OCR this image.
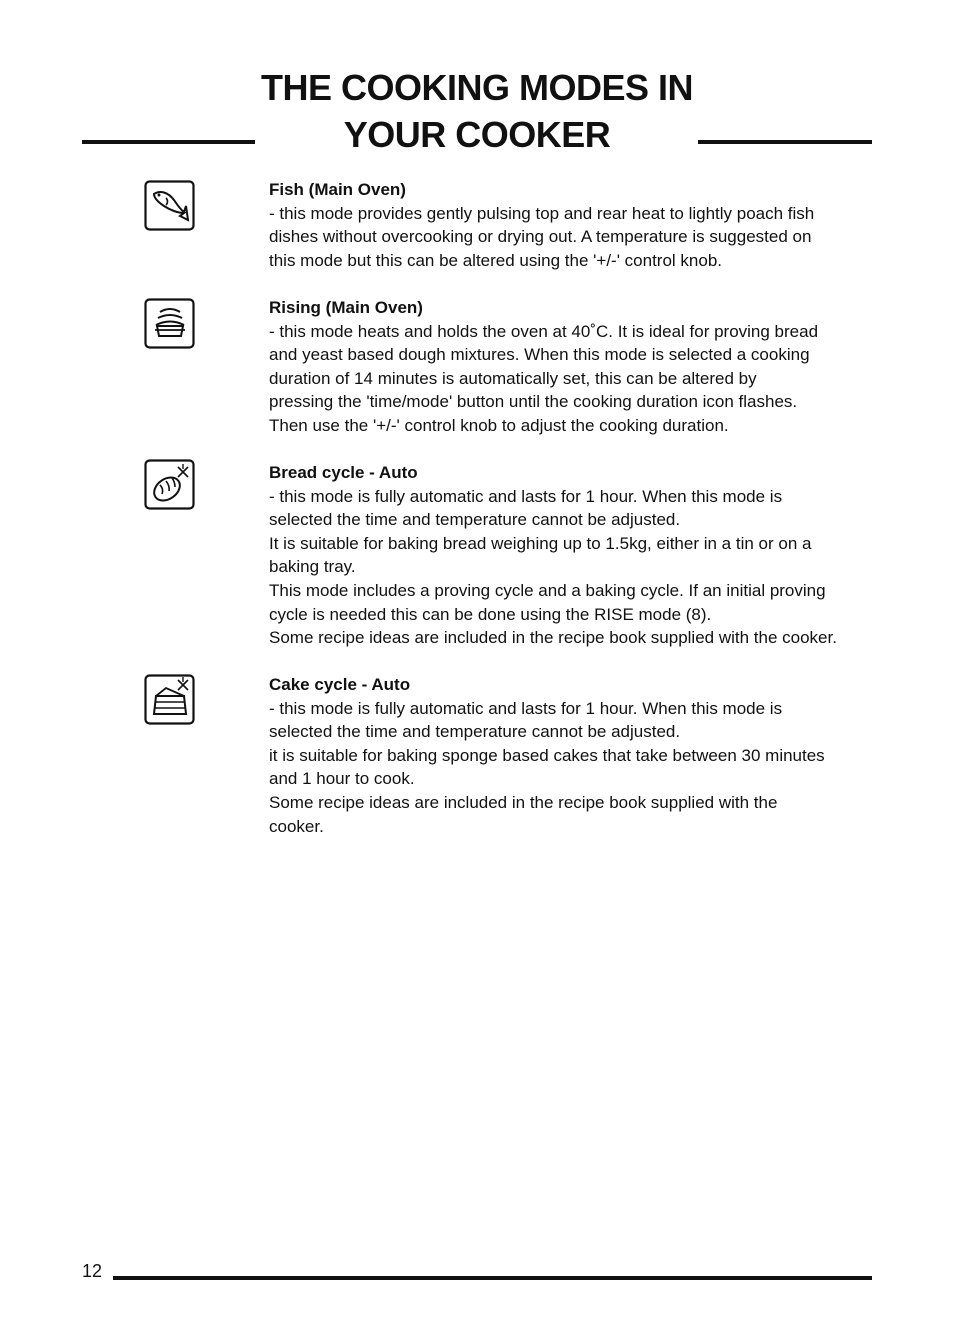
THE COOKING MODES IN
YOUR COOKER
Fish (Main Oven)
- this mode provides gently pulsing top and rear heat to lightly poach fish
dishes without overcooking or drying out. A temperature is suggested on
this mode but this can be altered using the '+/-' control knob.
Rising (Main Oven)
- this mode heats and holds the oven at 40˚C. It is ideal for proving bread
and yeast based dough mixtures. When this mode is selected a cooking
duration of 14 minutes is automatically set, this can be altered by
pressing the 'time/mode' button until the cooking duration icon flashes.
Then use the '+/-' control knob to adjust the cooking duration.
Bread cycle - Auto
- this mode is fully automatic and lasts for 1 hour. When this mode is
selected the time and temperature cannot be adjusted.
It is suitable for baking bread weighing up to 1.5kg, either in a tin or on a
baking tray.
This mode includes a proving cycle and a baking cycle. If an initial proving
cycle is needed this can be done using the RISE mode (8).
Some recipe ideas are included in the recipe book supplied with the cooker.
Cake cycle - Auto
- this mode is fully automatic and lasts for 1 hour. When this mode is
selected the time and temperature cannot be adjusted.
it is suitable for baking sponge based cakes that take between 30 minutes
and 1 hour to cook.
Some recipe ideas are included in the recipe book supplied with the
cooker.
12
